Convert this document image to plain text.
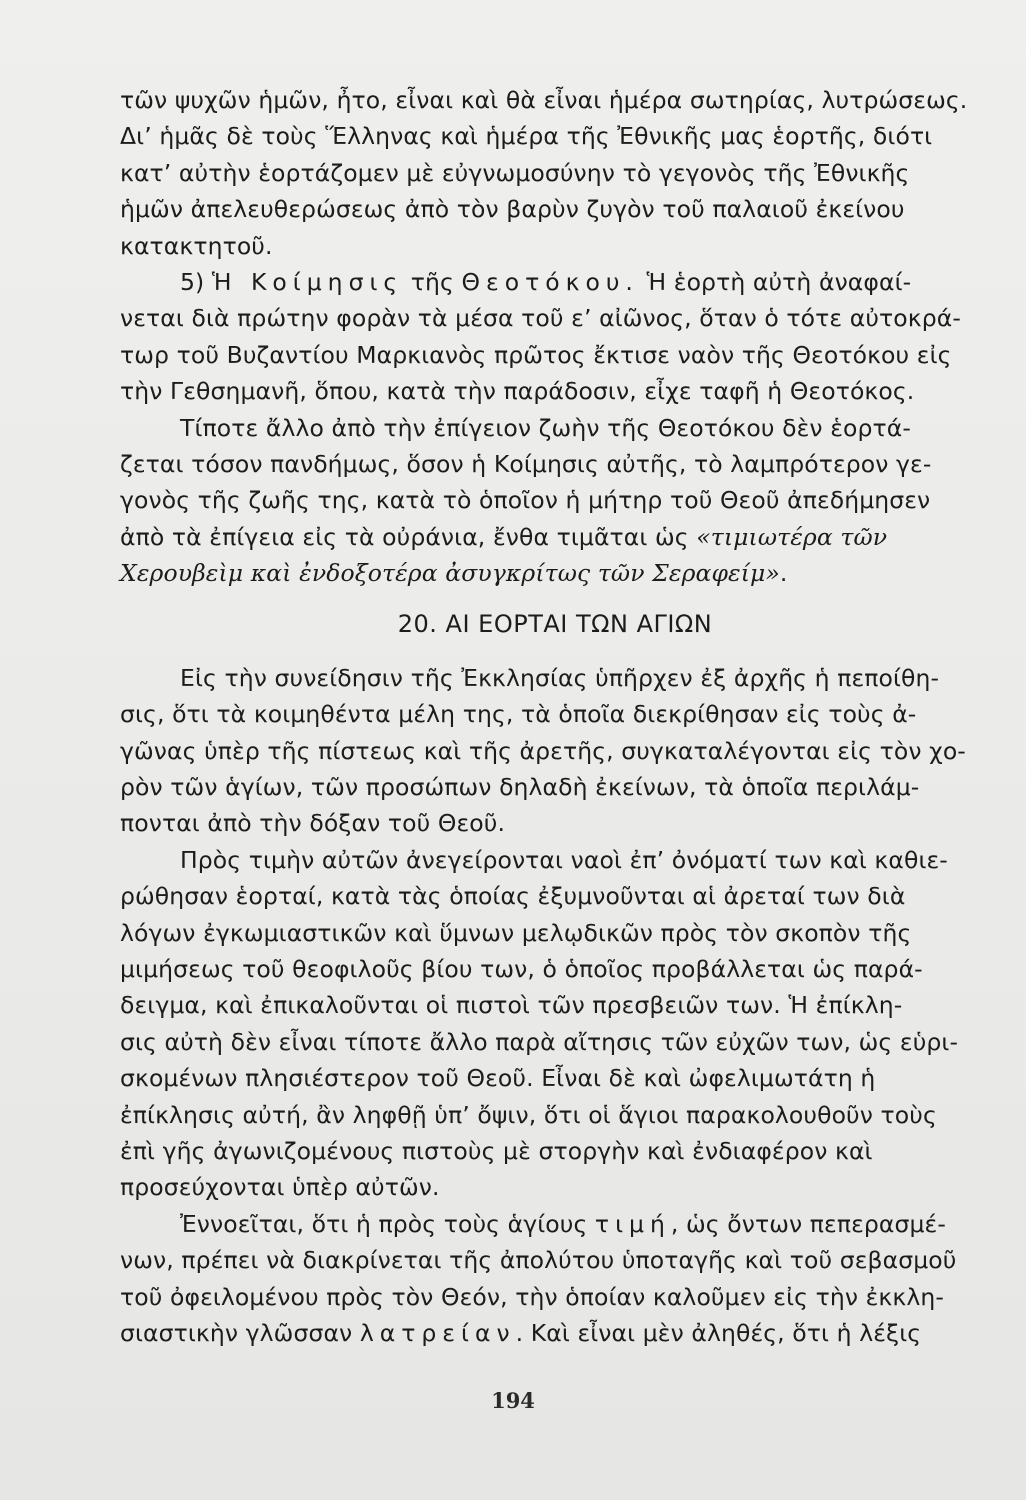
τῶν ψυχῶν ἡμῶν, ἦτο, εἶναι καὶ θὰ εἶναι ἡμέρα σωτηρίας, λυτρώσεως.
Δι’ ἡμᾶς δὲ τοὺς Ἕλληνας καὶ ἡμέρα τῆς Ἐθνικῆς μας ἑορτῆς, διότι
κατ’ αὐτὴν ἑορτάζομεν μὲ εὐγνωμοσύνην τὸ γεγονὸς τῆς Ἐθνικῆς
ἡμῶν ἀπελευθερώσεως ἀπὸ τὸν βαρὺν ζυγὸν τοῦ παλαιοῦ ἐκείνου
κατακτητοῦ.

5) Ἡ Κοίμησις τῆς Θεοτόκου. Ἡ ἑορτὴ αὐτὴ ἀναφαί-
νεται διὰ πρώτην φορὰν τὰ μέσα τοῦ ε’ αἰῶνος, ὅταν ὁ τότε αὐτοκρά-
τωρ τοῦ Βυζαντίου Μαρκιανὸς πρῶτος ἔκτισε ναὸν τῆς Θεοτόκου εἰς
τὴν Γεθσημανῆ, ὅπου, κατὰ τὴν παράδοσιν, εἶχε ταφῆ ἡ Θεοτόκος.

Τίποτε ἄλλο ἀπὸ τὴν ἐπίγειον ζωὴν τῆς Θεοτόκου δὲν ἑορτά-
ζεται τόσον πανδήμως, ὅσον ἡ Κοίμησις αὐτῆς, τὸ λαμπρότερον γε-
γονὸς τῆς ζωῆς της, κατὰ τὸ ὁποῖον ἡ μήτηρ τοῦ Θεοῦ ἀπεδήμησεν
ἀπὸ τὰ ἐπίγεια εἰς τὰ οὐράνια, ἔνθα τιμᾶται ὡς «τιμιωτέρα τῶν
Χερουβεὶμ καὶ ἐνδοξοτέρα ἀσυγκρίτως τῶν Σεραφείμ».

20. ΑΙ ΕΟΡΤΑΙ ΤΩΝ ΑΓΙΩΝ

Εἰς τὴν συνείδησιν τῆς Ἐκκλησίας ὑπῆρχεν ἐξ ἀρχῆς ἡ πεποίθη-
σις, ὅτι τὰ κοιμηθέντα μέλη της, τὰ ὁποῖα διεκρίθησαν εἰς τοὺς ἀ-
γῶνας ὑπὲρ τῆς πίστεως καὶ τῆς ἀρετῆς, συγκαταλέγονται εἰς τὸν χο-
ρὸν τῶν ἁγίων, τῶν προσώπων δηλαδὴ ἐκείνων, τὰ ὁποῖα περιλάμ-
πονται ἀπὸ τὴν δόξαν τοῦ Θεοῦ.

Πρὸς τιμὴν αὐτῶν ἀνεγείρονται ναοὶ ἐπ’ ὀνόματί των καὶ καθιε-
ρώθησαν ἑορταί, κατὰ τὰς ὁποίας ἐξυμνοῦνται αἱ ἀρεταί των διὰ
λόγων ἐγκωμιαστικῶν καὶ ὕμνων μελῳδικῶν πρὸς τὸν σκοπὸν τῆς
μιμήσεως τοῦ θεοφιλοῦς βίου των, ὁ ὁποῖος προβάλλεται ὡς παρά-
δειγμα, καὶ ἐπικαλοῦνται οἱ πιστοὶ τῶν πρεσβειῶν των. Ἡ ἐπίκλη-
σις αὐτὴ δὲν εἶναι τίποτε ἄλλο παρὰ αἴτησις τῶν εὐχῶν των, ὡς εὑρι-
σκομένων πλησιέστερον τοῦ Θεοῦ. Εἶναι δὲ καὶ ὠφελιμωτάτη ἡ
ἐπίκλησις αὐτή, ἂν ληφθῇ ὑπ’ ὄψιν, ὅτι οἱ ἅγιοι παρακολουθοῦν τοὺς
ἐπὶ γῆς ἀγωνιζομένους πιστοὺς μὲ στοργὴν καὶ ἐνδιαφέρον καὶ
προσεύχονται ὑπὲρ αὐτῶν.

Ἐννοεῖται, ὅτι ἡ πρὸς τοὺς ἁγίους τιμή, ὡς ὄντων πεπερασμέ-
νων, πρέπει νὰ διακρίνεται τῆς ἀπολύτου ὑποταγῆς καὶ τοῦ σεβασμοῦ
τοῦ ὀφειλομένου πρὸς τὸν Θεόν, τὴν ὁποίαν καλοῦμεν εἰς τὴν ἐκκλη-
σιαστικὴν γλῶσσαν λατρείαν. Καὶ εἶναι μὲν ἀληθές, ὅτι ἡ λέξις

194
